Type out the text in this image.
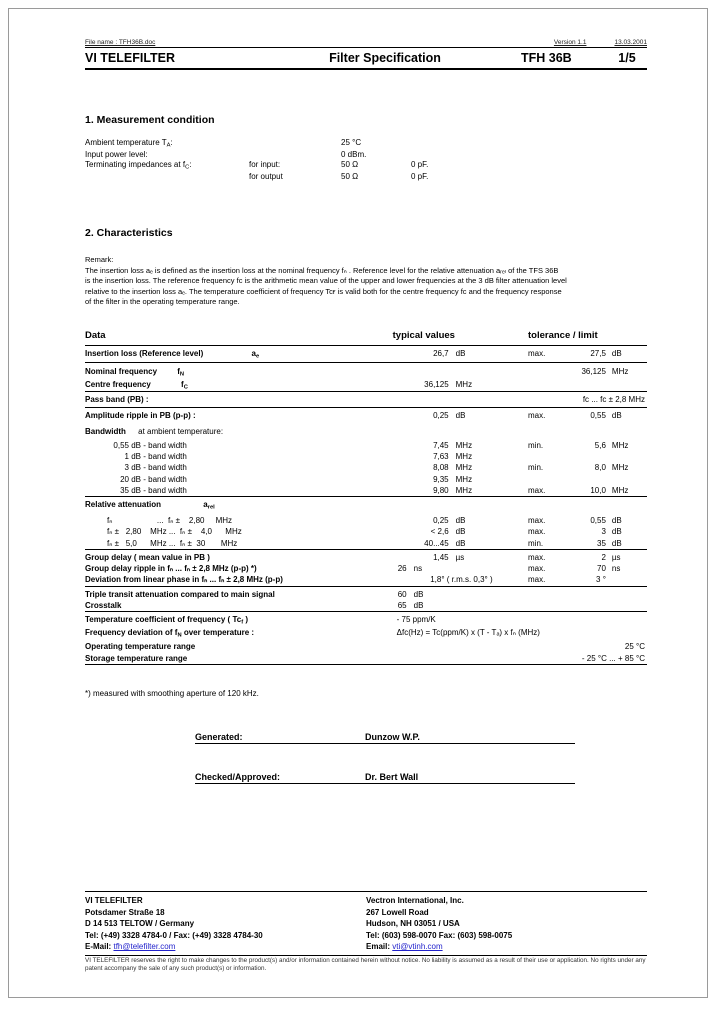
File name : TFH36B.doc	Version 1.1	13.03.2001
VI TELEFILTER	Filter Specification	TFH 36B	1/5
1. Measurement condition
Ambient temperature $T_A$:		25 °C	
Input power level:		0 dBm.	
Terminating impedances at $f_C$:	for input:	50 Ω	0 pF.
	for output	50 Ω	0 pF.
2. Characteristics
Remark:
The insertion loss aₑ is defined as the insertion loss at the nominal frequency fₙ . Reference level for the relative attenuation aᵣₑₗ of the TFS 36B
is the insertion loss. The reference frequency fᴄ is the arithmetic mean value of the upper and lower frequencies at the 3 dB filter attenuation level
relative to the insertion loss aₑ. The temperature coefficient of frequency Tcғ is valid both for the centre frequency fᴄ and the frequency response
of the filter in the operating temperature range.
Data	typical values	tolerance / limit		
Insertion loss (Reference level) $a_e$	26,7 dB	max.	27,5	dB
Nominal frequency $f_N$			36,125	MHz
Centre frequency $f_C$	36,125 MHz			
Pass band (PB) :		fᴄ ... fᴄ ± 2,8 MHz		
Amplitude ripple in PB (p-p) :	0,25 dB	max.	0,55	dB
Bandwidth at ambient temperature:				
0,55 dB - band width	7,45 MHz	min.	5,6	MHz
1 dB - band width	7,63 MHz			
3 dB - band width	8,08 MHz	min.	8,0	MHz
20 dB - band width	9,35 MHz			
35 dB - band width	9,80 MHz	max.	10,0	MHz
Relative attenuation $a_{rel}$
fₙ                    ...  fₙ ±    2,80     MHz	0,25 dB	max.	0,55	dB
fₙ ±   2,80    MHz ...  fₙ ±    4,0      MHz	< 2,6 dB	max.	3	dB
fₙ ±   5,0      MHz ...  fₙ ±  30       MHz	40...45 dB	min.	35	dB
Group delay ( mean value in PB )	1,45 µs	max.	2	µs
Group delay ripple in fₙ ... fₙ ± 2,8 MHz (p-p) *)	26 ns	max.	70	ns
Deviation from linear phase in fₙ ... fₙ ± 2,8 MHz (p-p)	1,8° ( r.m.s. 0,3° )	max.	3 °	
Triple transit attenuation compared to main signal	60 dB			
Crosstalk	65 dB			
Temperature coefficient of frequency ( $Tc_f$ )	- 75 ppm/K			
Frequency deviation of $f_N$ over temperature :	Δfᴄ(Hz) = Tc(ppm/K) x (T - Tₐ) x fₙ (MHz)			
Operating temperature range	25 °C			
Storage temperature range	- 25 °C ... + 85 °C			

*) measured with smoothing aperture of 120 kHz.
Generated:	Dunzow W.P.
Checked/Approved:	Dr. Bert Wall
VI TELEFILTER
Potsdamer Straße 18
D 14 513 TELTOW / Germany
Tel: (+49) 3328 4784-0 / Fax: (+49) 3328 4784-30
E-Mail: tfh@telefilter.com
Vectron International, Inc.
267 Lowell Road
Hudson, NH 03051 / USA
Tel: (603) 598-0070 Fax: (603) 598-0075
Email: vti@vtinh.com
VI TELEFILTER reserves the right to make changes to the product(s) and/or information contained herein without notice. No liability is assumed as a result of their use or application. No rights under any patent accompany the sale of any such product(s) or information.
